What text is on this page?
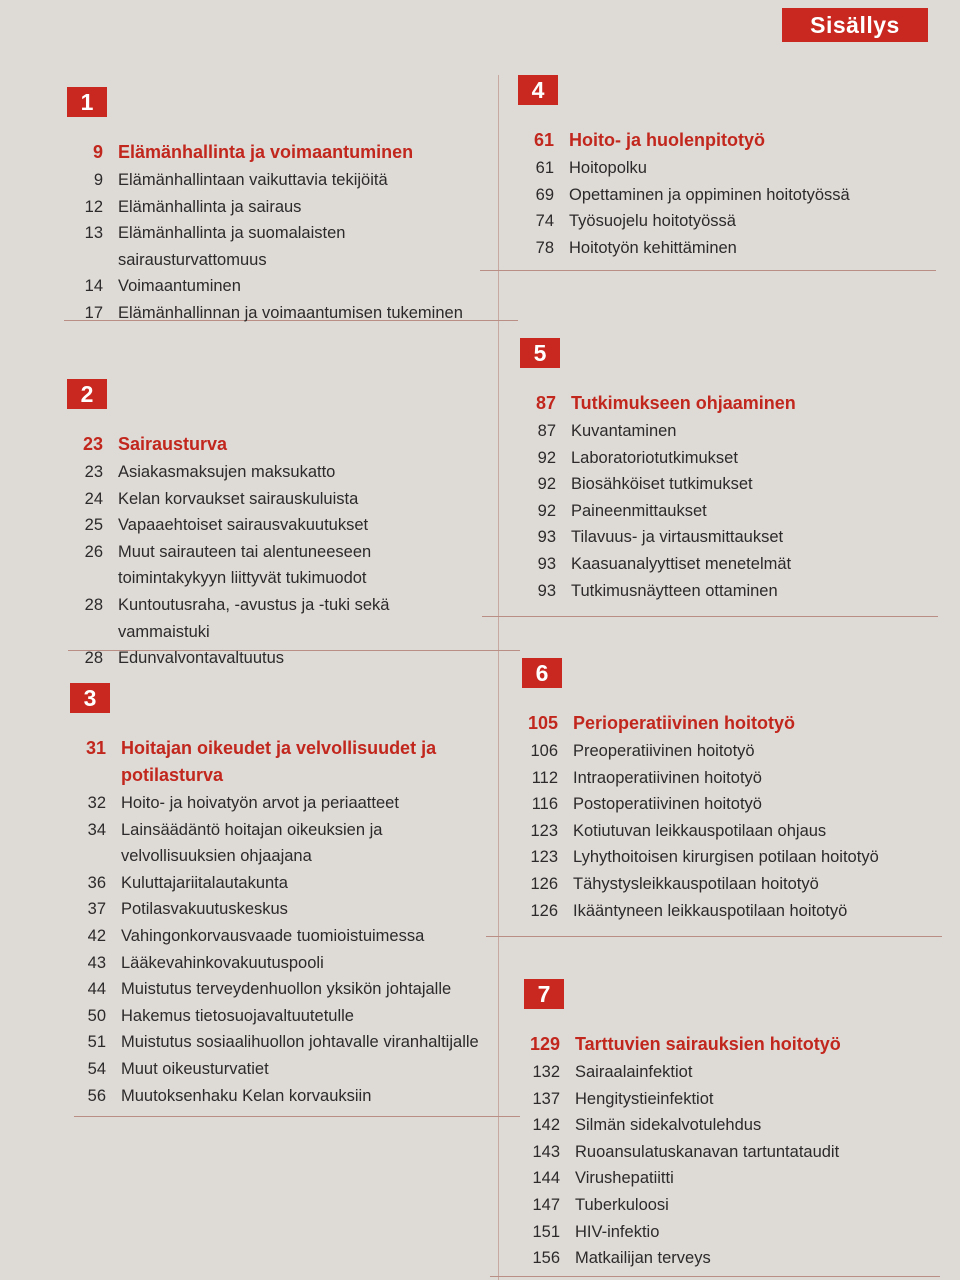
Sisällys
1
9 Elämänhallinta ja voimaantuminen
9 Elämänhallintaan vaikuttavia tekijöitä
12 Elämänhallinta ja sairaus
13 Elämänhallinta ja suomalaisten sairausturvattomuus
14 Voimaantuminen
17 Elämänhallinnan ja voimaantumisen tukeminen
2
23 Sairausturva
23 Asiakasmaksujen maksukatto
24 Kelan korvaukset sairauskuluista
25 Vapaaehtoiset sairausvakuutukset
26 Muut sairauteen tai alentuneeseen toimintakykyyn liittyvät tukimuodot
28 Kuntoutusraha, -avustus ja -tuki sekä vammaistuki
28 Edunvalvontavaltuutus
3
31 Hoitajan oikeudet ja velvollisuudet ja potilasturva
32 Hoito- ja hoivatyön arvot ja periaatteet
34 Lainsäädäntö hoitajan oikeuksien ja velvollisuuksien ohjaajana
36 Kuluttajariitalautakunta
37 Potilasvakuutuskeskus
42 Vahingonkorvausvaade tuomioistuimessa
43 Lääkevahinkovakuutuspooli
44 Muistutus terveydenhuollon yksikön johtajalle
50 Hakemus tietosuojavaltuutetulle
51 Muistutus sosiaalihuollon johtavalle viranhaltijalle
54 Muut oikeusturvatiet
56 Muutoksenhaku Kelan korvauksiin
4
61 Hoito- ja huolenpitotyö
61 Hoitopolku
69 Opettaminen ja oppiminen hoitotyössä
74 Työsuojelu hoitotyössä
78 Hoitotyön kehittäminen
5
87 Tutkimukseen ohjaaminen
87 Kuvantaminen
92 Laboratoriotutkimukset
92 Biosähköiset tutkimukset
92 Paineenmittaukset
93 Tilavuus- ja virtausmittaukset
93 Kaasuanalyyttiset menetelmät
93 Tutkimusnäytteen ottaminen
6
105 Perioperatiivinen hoitotyö
106 Preoperatiivinen hoitotyö
112 Intraoperatiivinen hoitotyö
116 Postoperatiivinen hoitotyö
123 Kotiutuvan leikkauspotilaan ohjaus
123 Lyhythoitoisen kirurgisen potilaan hoitotyö
126 Tähystysleikkauspotilaan hoitotyö
126 Ikääntyneen leikkauspotilaan hoitotyö
7
129 Tarttuvien sairauksien hoitotyö
132 Sairaalainfektiot
137 Hengitystieinfektiot
142 Silmän sidekalvotulehdus
143 Ruoansulatuskanavan tartuntataudit
144 Virushepatiitti
147 Tuberkuloosi
151 HIV-infektio
156 Matkailijan terveys
